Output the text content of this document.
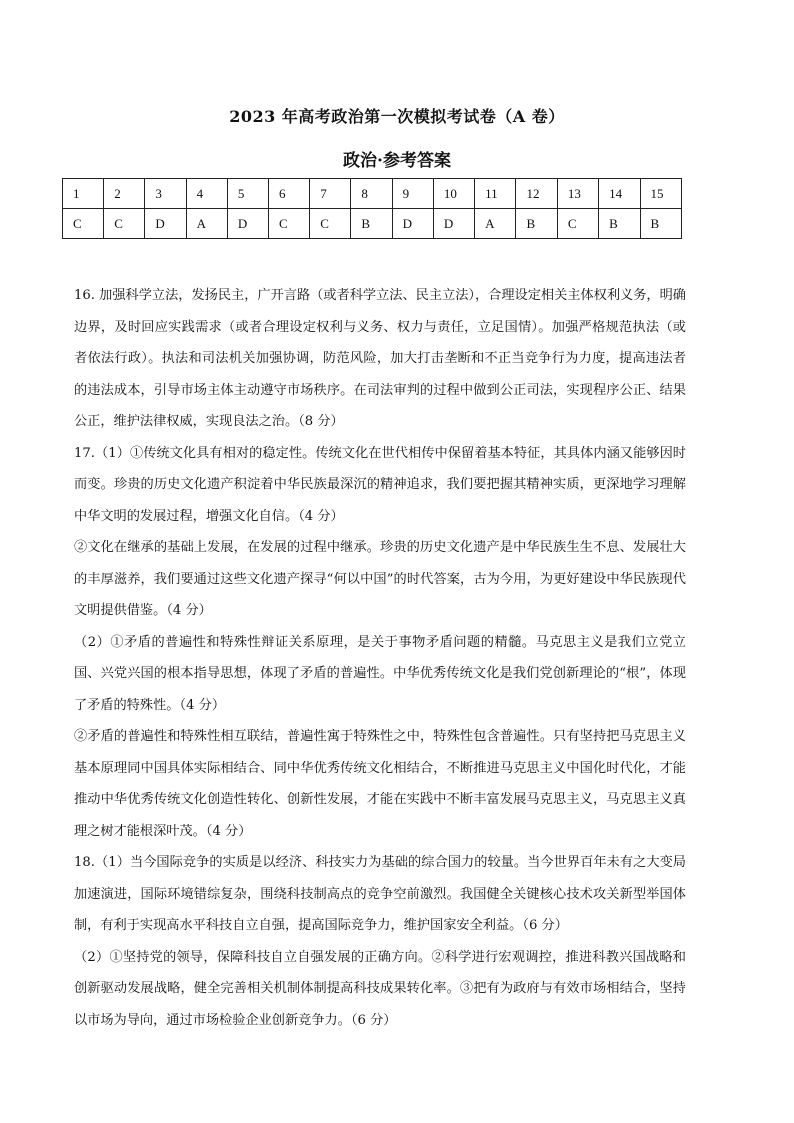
2023 年高考政治第一次模拟考试卷（A 卷）
政治·参考答案
1	2	3	4	5	6	7	8	9	10	11	12	13	14	15
C	C	D	A	D	C	C	B	D	D	A	B	C	B	B

16. 加强科学立法，发扬民主，广开言路（或者科学立法、民主立法），合理设定相关主体权利义务，明确边界，及时回应实践需求（或者合理设定权利与义务、权力与责任，立足国情）。加强严格规范执法（或者依法行政）。执法和司法机关加强协调，防范风险，加大打击垄断和不正当竞争行为力度，提高违法者的违法成本，引导市场主体主动遵守市场秩序。在司法审判的过程中做到公正司法，实现程序公正、结果公正，维护法律权威，实现良法之治。（8 分）

17.（1）①传统文化具有相对的稳定性。传统文化在世代相传中保留着基本特征，其具体内涵又能够因时而变。珍贵的历史文化遗产积淀着中华民族最深沉的精神追求，我们要把握其精神实质，更深地学习理解中华文明的发展过程，增强文化自信。（4 分）

②文化在继承的基础上发展，在发展的过程中继承。珍贵的历史文化遗产是中华民族生生不息、发展壮大的丰厚滋养，我们要通过这些文化遗产探寻“何以中国”的时代答案，古为今用，为更好建设中华民族现代文明提供借鉴。（4 分）

（2）①矛盾的普遍性和特殊性辩证关系原理，是关于事物矛盾问题的精髓。马克思主义是我们立党立国、兴党兴国的根本指导思想，体现了矛盾的普遍性。中华优秀传统文化是我们党创新理论的“根”，体现了矛盾的特殊性。（4 分）

②矛盾的普遍性和特殊性相互联结，普遍性寓于特殊性之中，特殊性包含普遍性。只有坚持把马克思主义基本原理同中国具体实际相结合、同中华优秀传统文化相结合，不断推进马克思主义中国化时代化，才能推动中华优秀传统文化创造性转化、创新性发展，才能在实践中不断丰富发展马克思主义，马克思主义真理之树才能根深叶茂。（4 分）

18.（1）当今国际竞争的实质是以经济、科技实力为基础的综合国力的较量。当今世界百年未有之大变局加速演进，国际环境错综复杂，围绕科技制高点的竞争空前激烈。我国健全关键核心技术攻关新型举国体制，有利于实现高水平科技自立自强，提高国际竞争力，维护国家安全利益。（6 分）

（2）①坚持党的领导，保障科技自立自强发展的正确方向。②科学进行宏观调控，推进科教兴国战略和创新驱动发展战略，健全完善相关机制体制提高科技成果转化率。③把有为政府与有效市场相结合，坚持以市场为导向，通过市场检验企业创新竞争力。（6 分）
